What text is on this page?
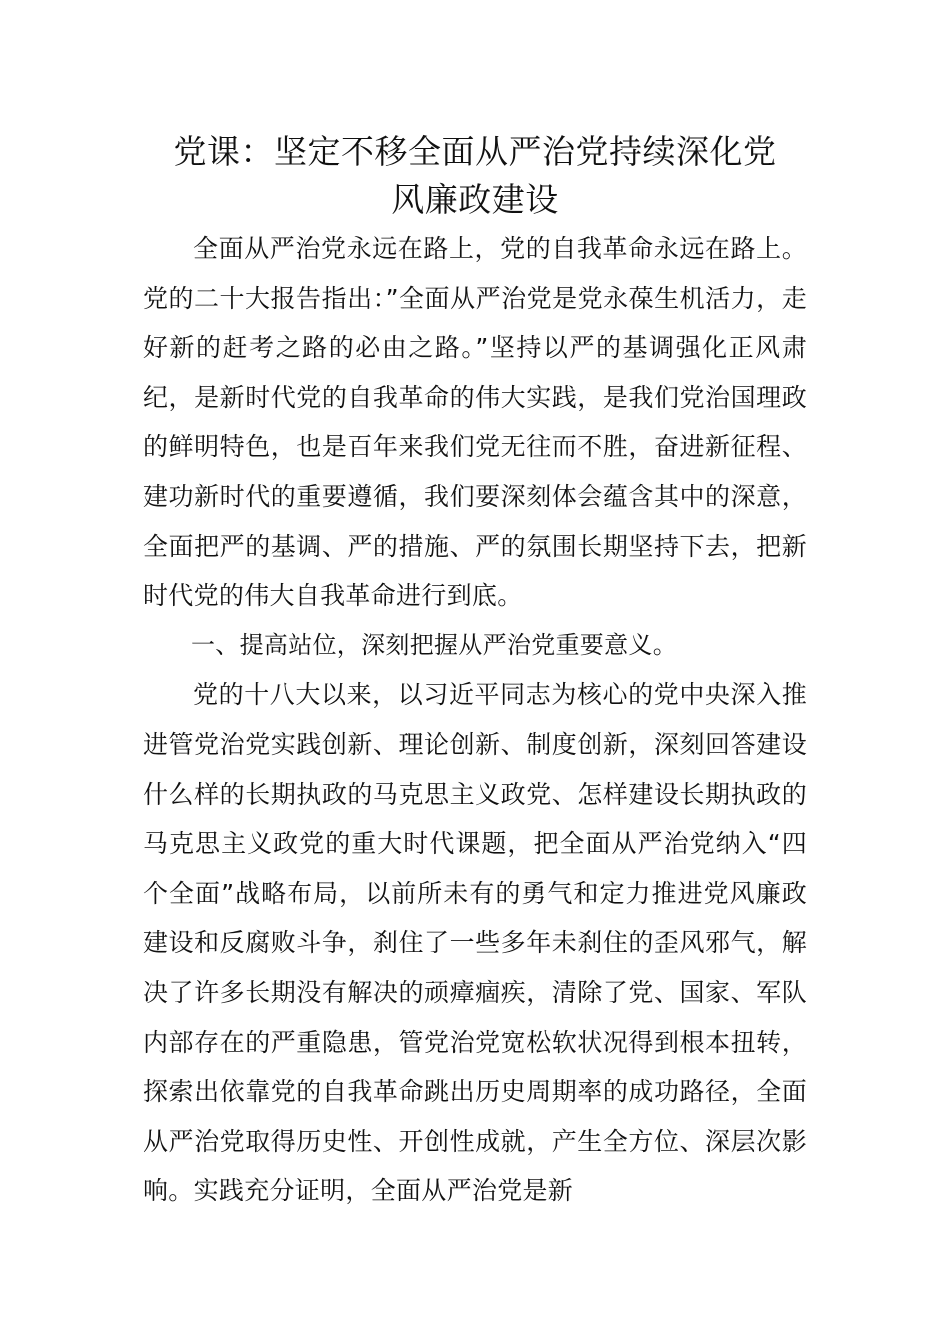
党课：坚定不移全面从严治党持续深化党
风廉政建设

全面从严治党永远在路上，党的自我革命永远在路上。党的二十大报告指出：”全面从严治党是党永葆生机活力，走好新的赶考之路的必由之路。”坚持以严的基调强化正风肃纪，是新时代党的自我革命的伟大实践，是我们党治国理政的鲜明特色，也是百年来我们党无往而不胜，奋进新征程、建功新时代的重要遵循，我们要深刻体会蕴含其中的深意，全面把严的基调、严的措施、严的氛围长期坚持下去，把新时代党的伟大自我革命进行到底。

一、提高站位，深刻把握从严治党重要意义。

党的十八大以来，以习近平同志为核心的党中央深入推进管党治党实践创新、理论创新、制度创新，深刻回答建设什么样的长期执政的马克思主义政党、怎样建设长期执政的马克思主义政党的重大时代课题，把全面从严治党纳入“四个全面”战略布局，以前所未有的勇气和定力推进党风廉政建设和反腐败斗争，刹住了一些多年未刹住的歪风邪气，解决了许多长期没有解决的顽瘴痼疾，清除了党、国家、军队内部存在的严重隐患，管党治党宽松软状况得到根本扭转，探索出依靠党的自我革命跳出历史周期率的成功路径，全面从严治党取得历史性、开创性成就，产生全方位、深层次影响。实践充分证明，全面从严治党是新
